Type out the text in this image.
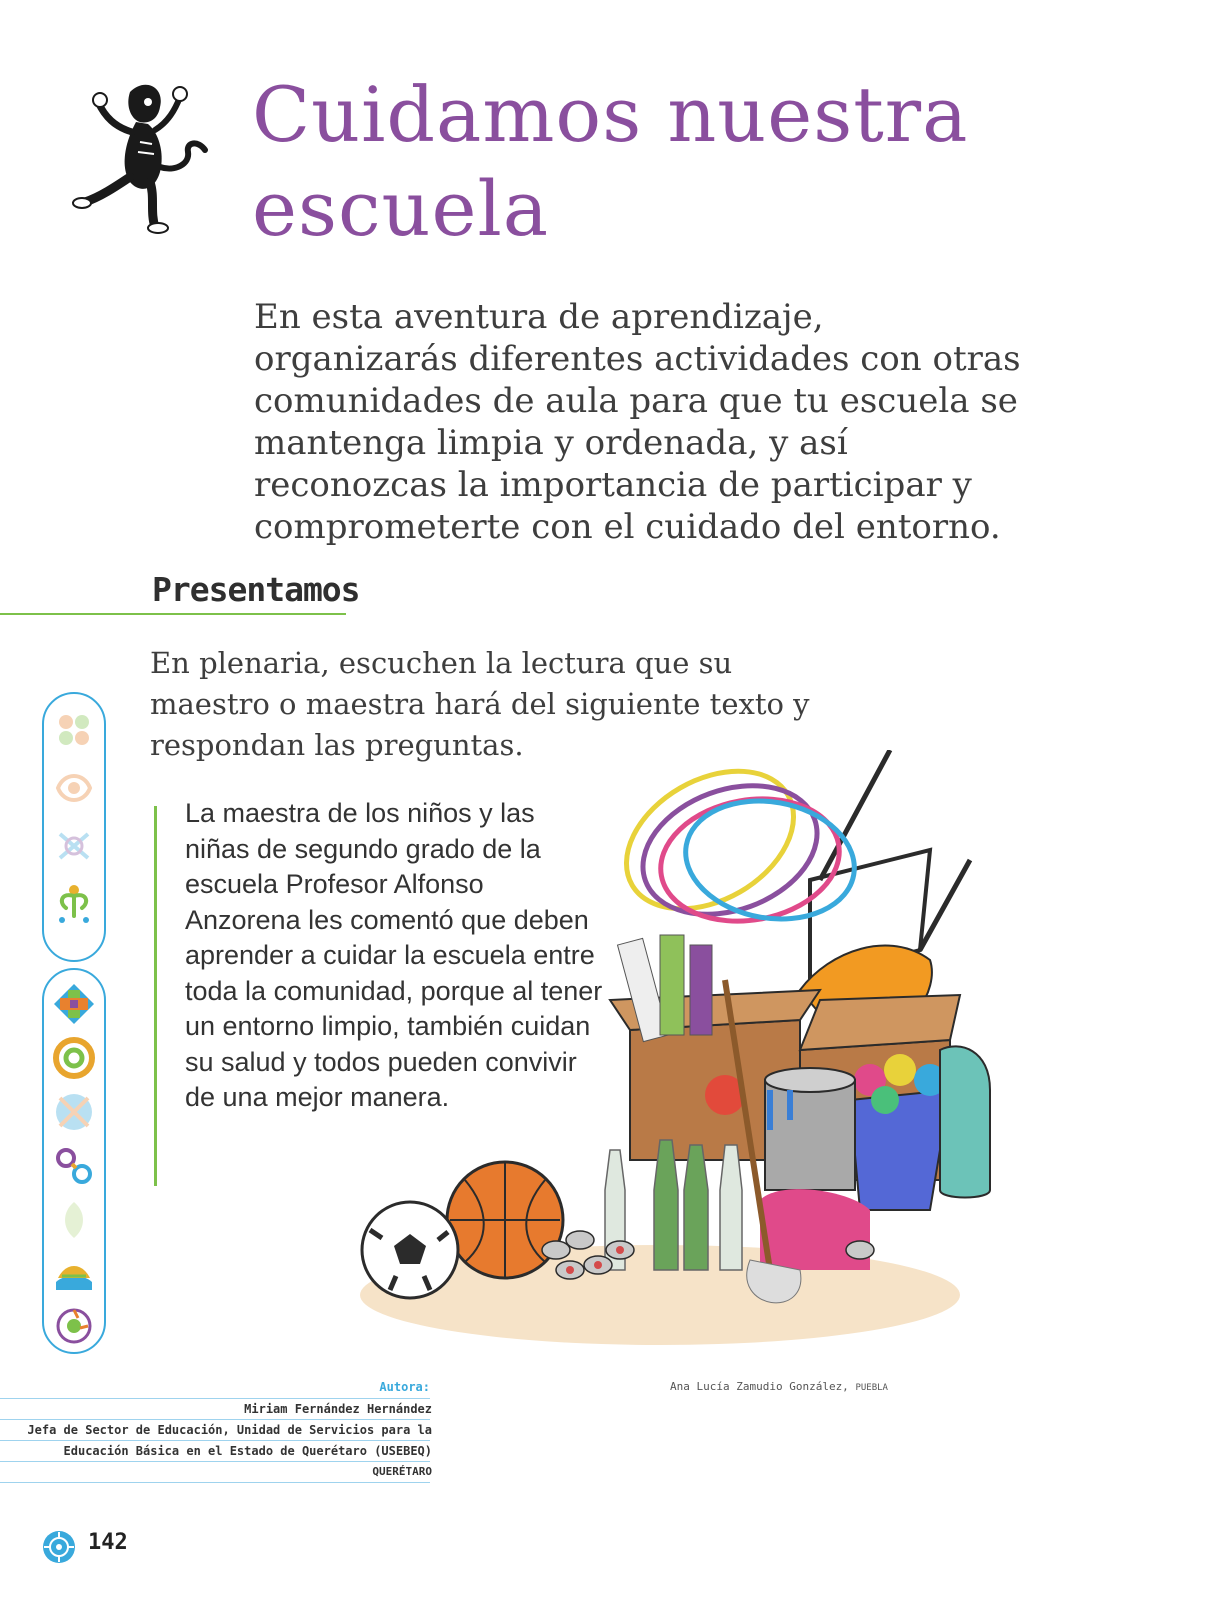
Cuidamos nuestra escuela

En esta aventura de aprendizaje, organizarás diferentes actividades con otras comunidades de aula para que tu escuela se mantenga limpia y ordenada, y así reconozcas la importancia de participar y comprometerte con el cuidado del entorno.

Presentamos

En plenaria, escuchen la lectura que su maestro o maestra hará del siguiente texto y respondan las preguntas.

La maestra de los niños y las niñas de segundo grado de la escuela Profesor Alfonso Anzorena les comentó que deben aprender a cuidar la escuela entre toda la comunidad, porque al tener un entorno limpio, también cuidan su salud y todos pueden convivir de una mejor manera.

Ana Lucía Zamudio González, PUEBLA
Autora:
Miriam Fernández Hernández
Jefa de Sector de Educación, Unidad de Servicios para la
Educación Básica en el Estado de Querétaro (USEBEQ)
QUERÉTARO
142
